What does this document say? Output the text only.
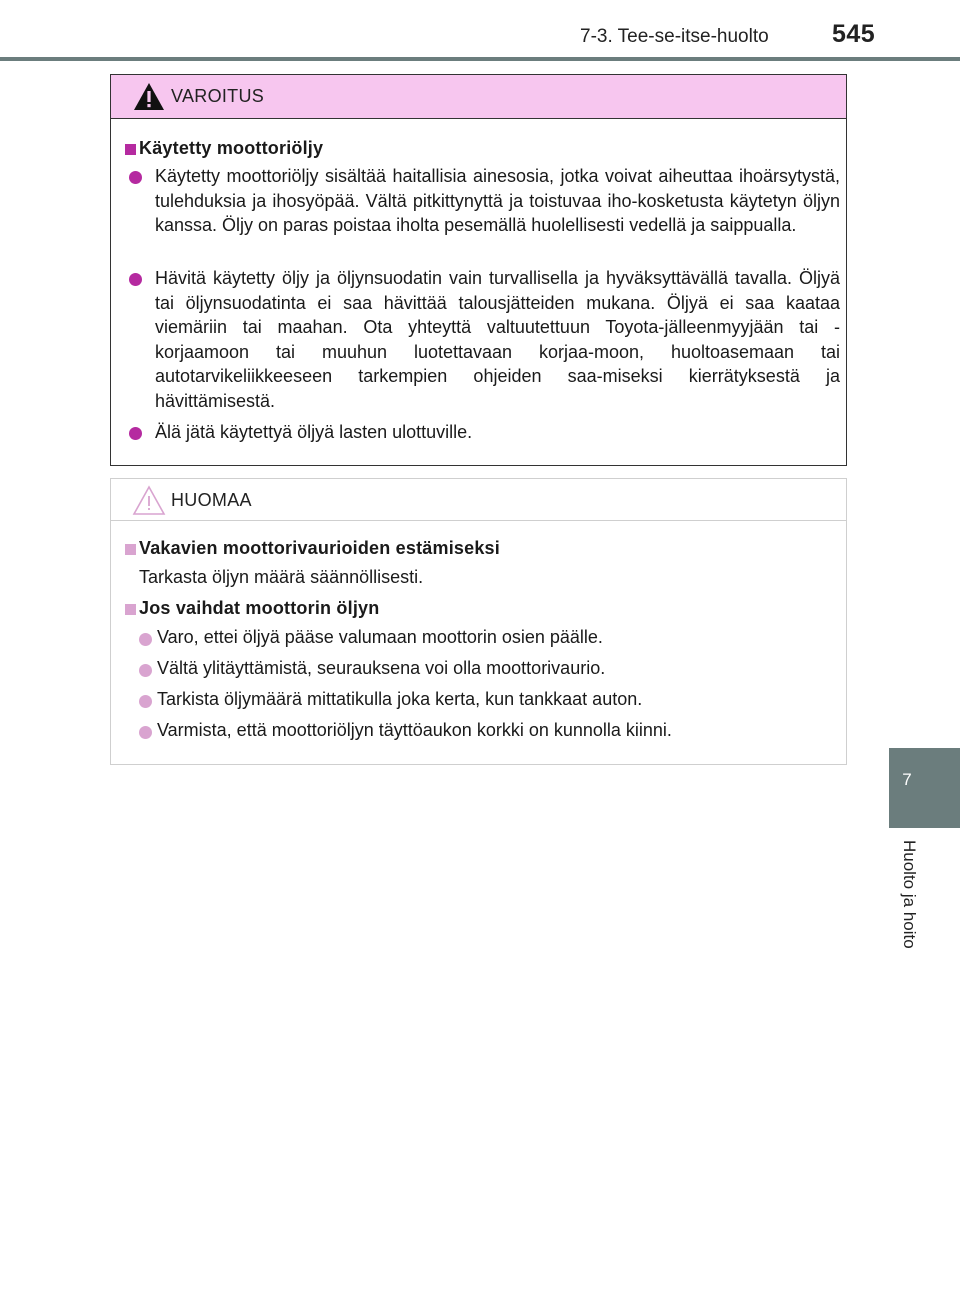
7-3. Tee-se-itse-huolto	545
7
Huolto ja hoito
VAROITUS
Käytetty moottoriöljy
Käytetty moottoriöljy sisältää haitallisia ainesosia, jotka voivat aiheuttaa ihoärsytystä, tulehduksia ja ihosyöpää. Vältä pitkittynyttä ja toistuvaa iho-kosketusta käytetyn öljyn kanssa. Öljy on paras poistaa iholta pesemällä huolellisesti vedellä ja saippualla.
Hävitä käytetty öljy ja öljynsuodatin vain turvallisella ja hyväksyttävällä tavalla. Öljyä tai öljynsuodatinta ei saa hävittää talousjätteiden mukana. Öljyä ei saa kaataa viemäriin tai maahan. Ota yhteyttä valtuutettuun Toyota-jälleenmyyjään tai -korjaamoon tai muuhun luotettavaan korjaa-moon, huoltoasemaan tai autotarvikeliikkeeseen tarkempien ohjeiden saa-miseksi kierrätyksestä ja hävittämisestä.
Älä jätä käytettyä öljyä lasten ulottuville.
HUOMAA
Vakavien moottorivaurioiden estämiseksi
Tarkasta öljyn määrä säännöllisesti.
Jos vaihdat moottorin öljyn
Varo, ettei öljyä pääse valumaan moottorin osien päälle.
Vältä ylitäyttämistä, seurauksena voi olla moottorivaurio.
Tarkista öljymäärä mittatikulla joka kerta, kun tankkaat auton.
Varmista, että moottoriöljyn täyttöaukon korkki on kunnolla kiinni.
